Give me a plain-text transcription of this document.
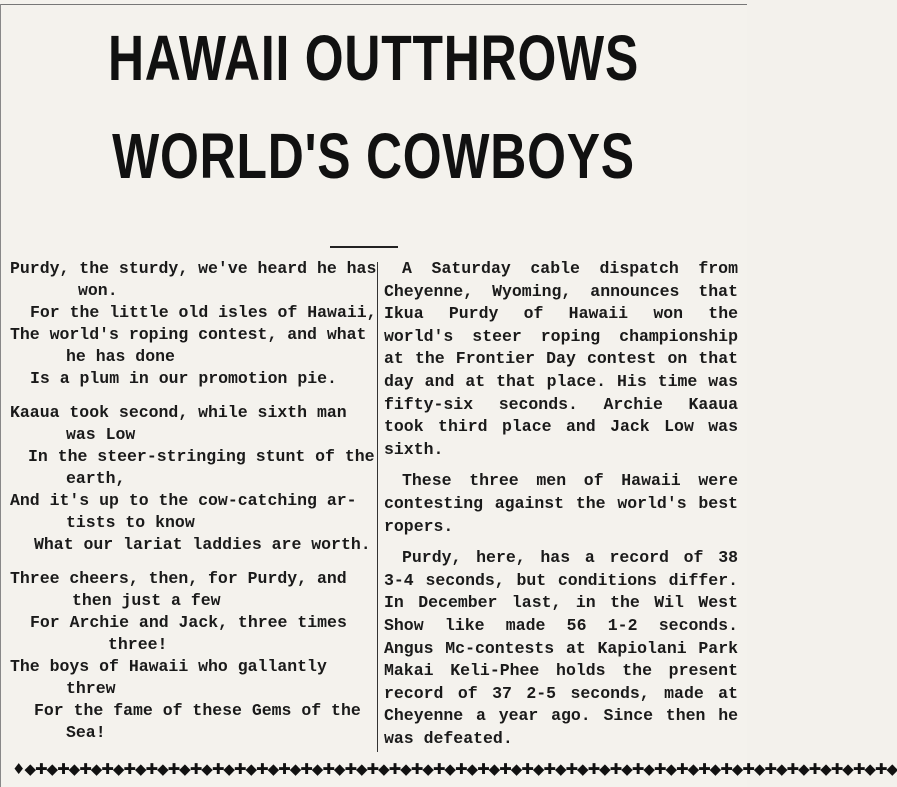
HAWAII OUTTHROWS
WORLD'S COWBOYS
Purdy, the sturdy, we've heard he has
won.
For the little old isles of Hawaii,
The world's roping contest, and what
he has done
Is a plum in our promotion pie.
Kaaua took second, while sixth man
was Low
In the steer-stringing stunt of the
earth,
And it's up to the cow-catching ar-
tists to know
What our lariat laddies are worth.
Three cheers, then, for Purdy, and
then just a few
For Archie and Jack, three times
three!
The boys of Hawaii who gallantly
threw
For the fame of these Gems of the
Sea!

A Saturday cable dispatch from Cheyenne, Wyoming, announces that Ikua Purdy of Hawaii won the world's steer roping championship at the Frontier Day contest on that day and at that place. His time was fifty-six seconds. Archie Kaaua took third place and Jack Low was sixth.

These three men of Hawaii were contesting against the world's best ropers.

Purdy, here, has a record of 38 3-4 seconds, but conditions differ. In December last, in the Wil West Show like made 56 1-2 seconds. Angus Mc-contests at Kapiolani Park Makai Keli-Phee holds the present record of 37 2-5 seconds, made at Cheyenne a year ago. Since then he was defeated.

♦◆✚◆✚◆✚◆✚◆✚◆✚◆✚◆✚◆✚◆✚◆✚◆✚◆✚◆✚◆✚◆✚◆✚◆✚◆✚◆✚◆✚◆✚◆✚◆✚◆✚◆✚◆✚◆✚◆✚◆✚◆✚◆✚◆✚◆✚◆✚◆✚◆✚◆✚◆✚◆
